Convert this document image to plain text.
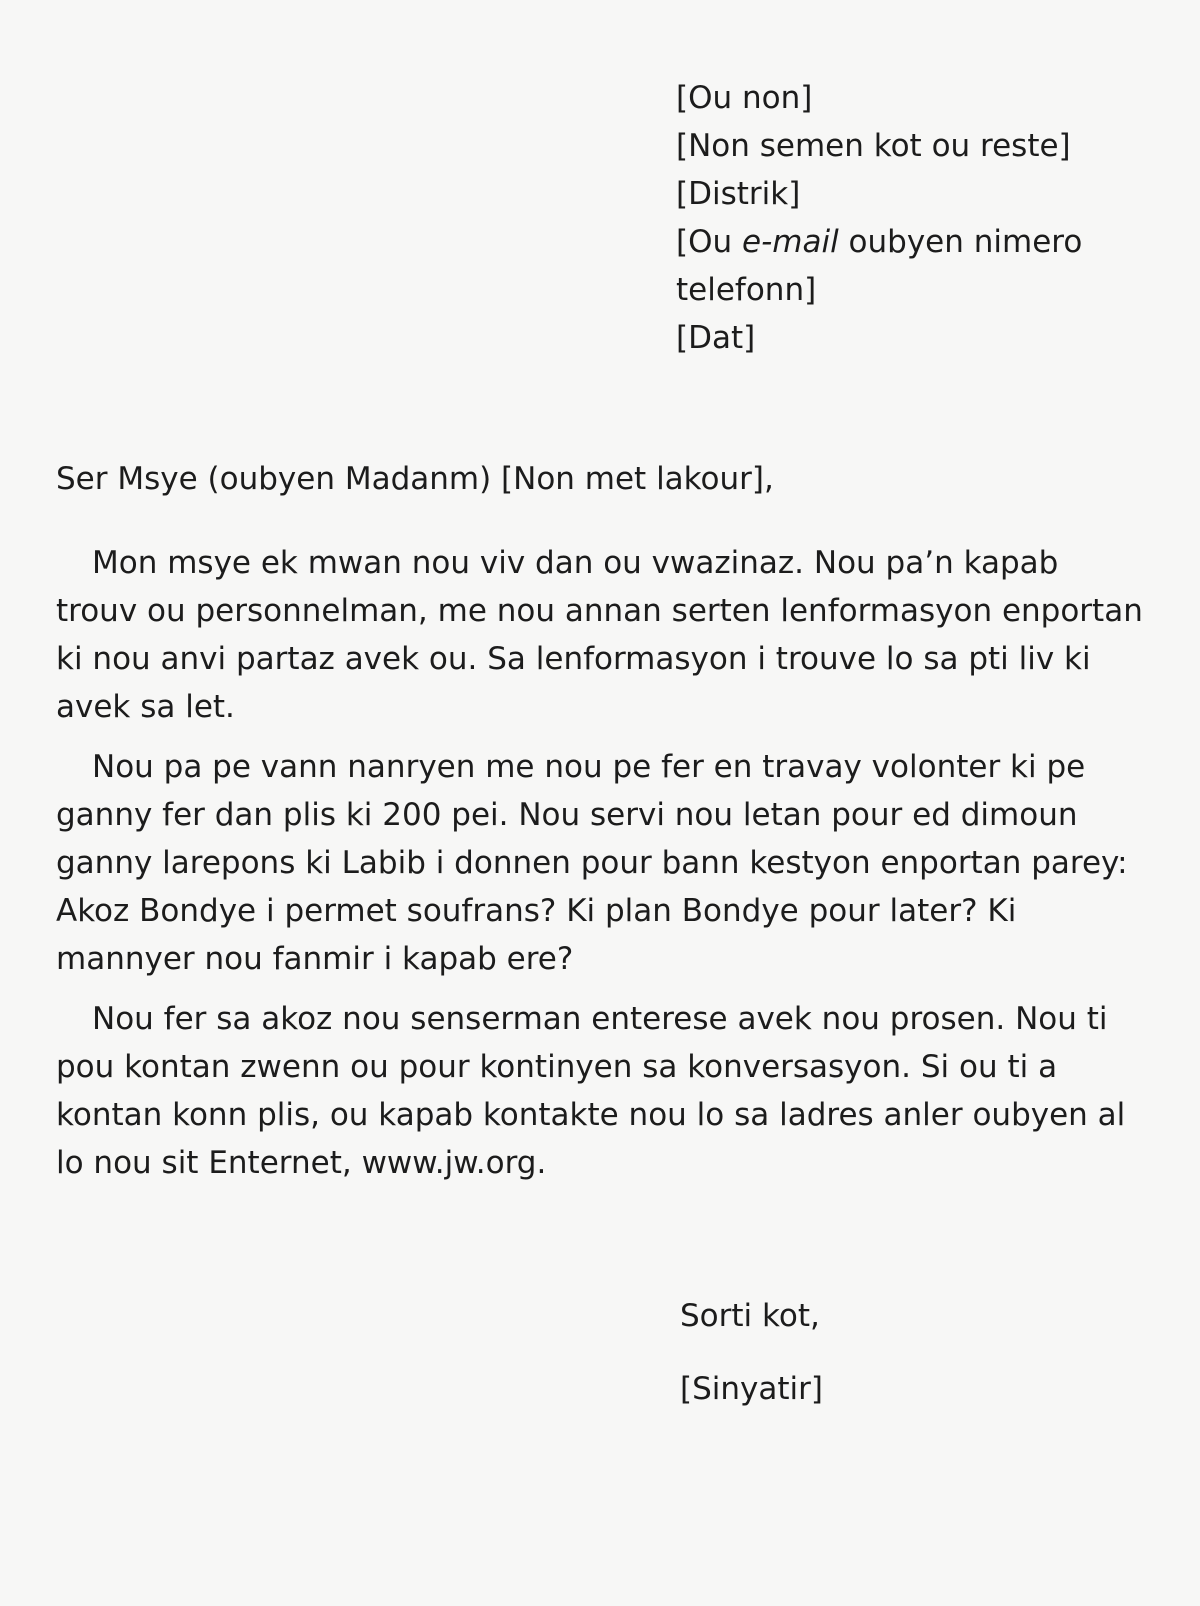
[Ou non]
[Non semen kot ou reste]
[Distrik]
[Ou e-mail oubyen nimero
telefonn]
[Dat]
Ser Msye (oubyen Madanm) [Non met lakour],

Mon msye ek mwan nou viv dan ou vwazinaz. Nou pa’n kapab trouv ou personnelman, me nou annan serten lenformasyon enportan ki nou anvi partaz avek ou. Sa lenformasyon i trouve lo sa pti liv ki avek sa let.

Nou pa pe vann nanryen me nou pe fer en travay volonter ki pe ganny fer dan plis ki 200 pei. Nou servi nou letan pour ed dimoun ganny larepons ki Labib i donnen pour bann kestyon enportan parey: Akoz Bondye i permet soufrans? Ki plan Bondye pour later? Ki mannyer nou fanmir i kapab ere?

Nou fer sa akoz nou senserman enterese avek nou prosen. Nou ti pou kontan zwenn ou pour kontinyen sa konversasyon. Si ou ti a kontan konn plis, ou kapab kontakte nou lo sa ladres anler oubyen al lo nou sit Enternet, www.jw.org.

Sorti kot,
[Sinyatir]
